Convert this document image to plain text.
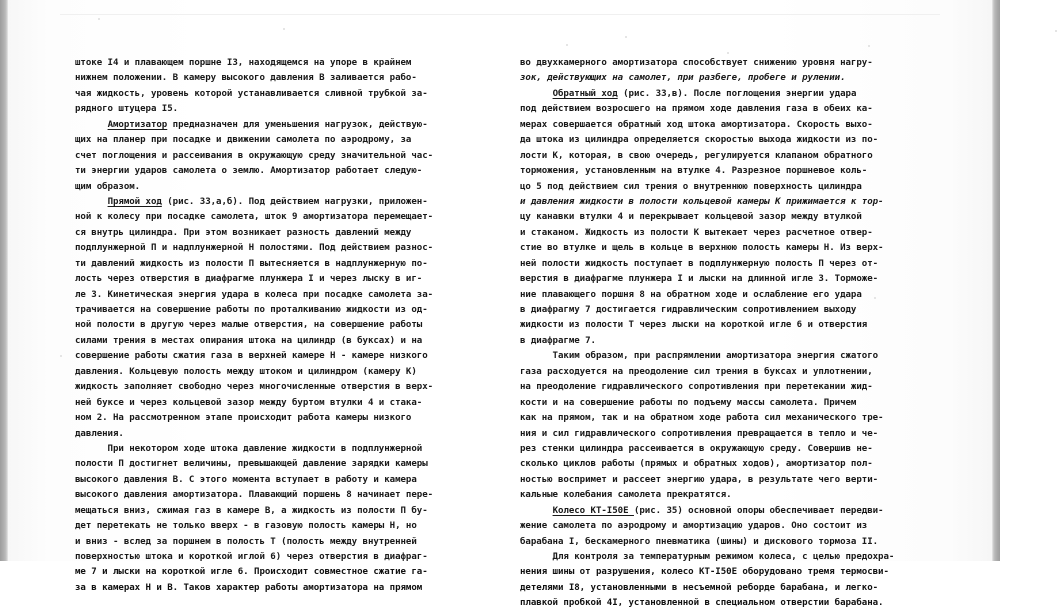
штоке I4 и плавающем поршне I3, находящемся на упоре в крайнем
нижнем положении. В камеру высокого давления В заливается рабо-
чая жидкость, уровень которой устанавливается сливной трубкой за-
рядного штуцера I5.
Амортизатор предназначен для уменьшения нагрузок, действую-
щих на планер при посадке и движении самолета по аэродрому, за
счет поглощения и рассеивания в окружающую среду значительной час-
ти энергии ударов самолета о землю. Амортизатор работает следую-
щим образом.
Прямой ход (рис. 33,а,б). Под действием нагрузки, приложен-
ной к колесу при посадке самолета, шток 9 амортизатора перемещает-
ся внутрь цилиндра. При этом возникает разность давлений между
подплунжерной П и надплунжерной Н полостями. Под действием разнос-
ти давлений жидкость из полости П вытесняется в надплунжерную по-
лость через отверстия в диафрагме плунжера I и через лыску в иг-
ле 3. Кинетическая энергия удара в колеса при посадке самолета за-
трачивается на совершение работы по проталкиванию жидкости из од-
ной полости в другую через малые отверстия, на совершение работы
силами трения в местах опирания штока на цилиндр (в буксах) и на
совершение работы сжатия газа в верхней камере Н - камере низкого
давления. Кольцевую полость между штоком и цилиндром (камеру К)
жидкость заполняет свободно через многочисленные отверстия в верх-
ней буксе и через кольцевой зазор между буртом втулки 4 и стака-
ном 2. На рассмотренном этапе происходит работа камеры низкого
давления.
При некотором ходе штока давление жидкости в подплунжерной
полости П достигнет величины, превышающей давление зарядки камеры
высокого давления В. С этого момента вступает в работу и камера
высокого давления амортизатора. Плавающий поршень 8 начинает пере-
мещаться вниз, сжимая газ в камере В, а жидкость из полости П бу-
дет перетекать не только вверх - в газовую полость камеры Н, но
и вниз - вслед за поршнем в полость Т (полость между внутренней
поверхностью штока и короткой иглой 6) через отверстия в диафраг-
ме 7 и лыски на короткой игле 6. Происходит совместное сжатие га-
за в камерах Н и В. Таков характер работы амортизатора на прямом
во двухкамерного амортизатора способствует снижению уровня нагру-
зок, действующих на самолет, при разбеге, пробеге и рулении.
Обратный ход (рис. 33,в). После поглощения энергии удара
под действием возросшего на прямом ходе давления газа в обеих ка-
мерах совершается обратный ход штока амортизатора. Скорость выхо-
да штока из цилиндра определяется скоростью выхода жидкости из по-
лости К, которая, в свою очередь, регулируется клапаном обратного
торможения, установленным на втулке 4. Разрезное поршневое коль-
цо 5 под действием сил трения о внутреннюю поверхность цилиндра
и давления жидкости в полости кольцевой камеры К прижимается к тор-
цу канавки втулки 4 и перекрывает кольцевой зазор между втулкой
и стаканом. Жидкость из полости К вытекает через расчетное отвер-
стие во втулке и щель в кольце в верхнюю полость камеры Н. Из верх-
ней полости жидкость поступает в подплунжерную полость П через от-
верстия в диафрагме плунжера I и лыски на длинной игле 3. Торможе-
ние плавающего поршня 8 на обратном ходе и ослабление его удара
в диафрагму 7 достигается гидравлическим сопротивлением выходу
жидкости из полости Т через лыски на короткой игле 6 и отверстия
в диафрагме 7.
Таким образом, при распрямлении амортизатора энергия сжатого
газа расходуется на преодоление сил трения в буксах и уплотнении,
на преодоление гидравлического сопротивления при перетекании жид-
кости и на совершение работы по подъему массы самолета. Причем
как на прямом, так и на обратном ходе работа сил механического тре-
ния и сил гидравлического сопротивления превращается в тепло и че-
рез стенки цилиндра рассеивается в окружающую среду. Совершив не-
сколько циклов работы (прямых и обратных ходов), амортизатор пол-
ностью воспримет и рассеет энергию удара, в результате чего верти-
кальные колебания самолета прекратятся.
Колесо КТ-I50Е (рис. 35) основной опоры обеспечивает передви-
жение самолета по аэродрому и амортизацию ударов. Оно состоит из
барабана I, бескамерного пневматика (шины) и дискового тормоза II.
Для контроля за температурным режимом колеса, с целью предохра-
нения шины от разрушения, колесо КТ-I50Е оборудовано тремя термосви-
детелями I8, установленными в несъемной реборде барабана, и легко-
плавкой пробкой 4I, установленной в специальном отверстии барабана.
